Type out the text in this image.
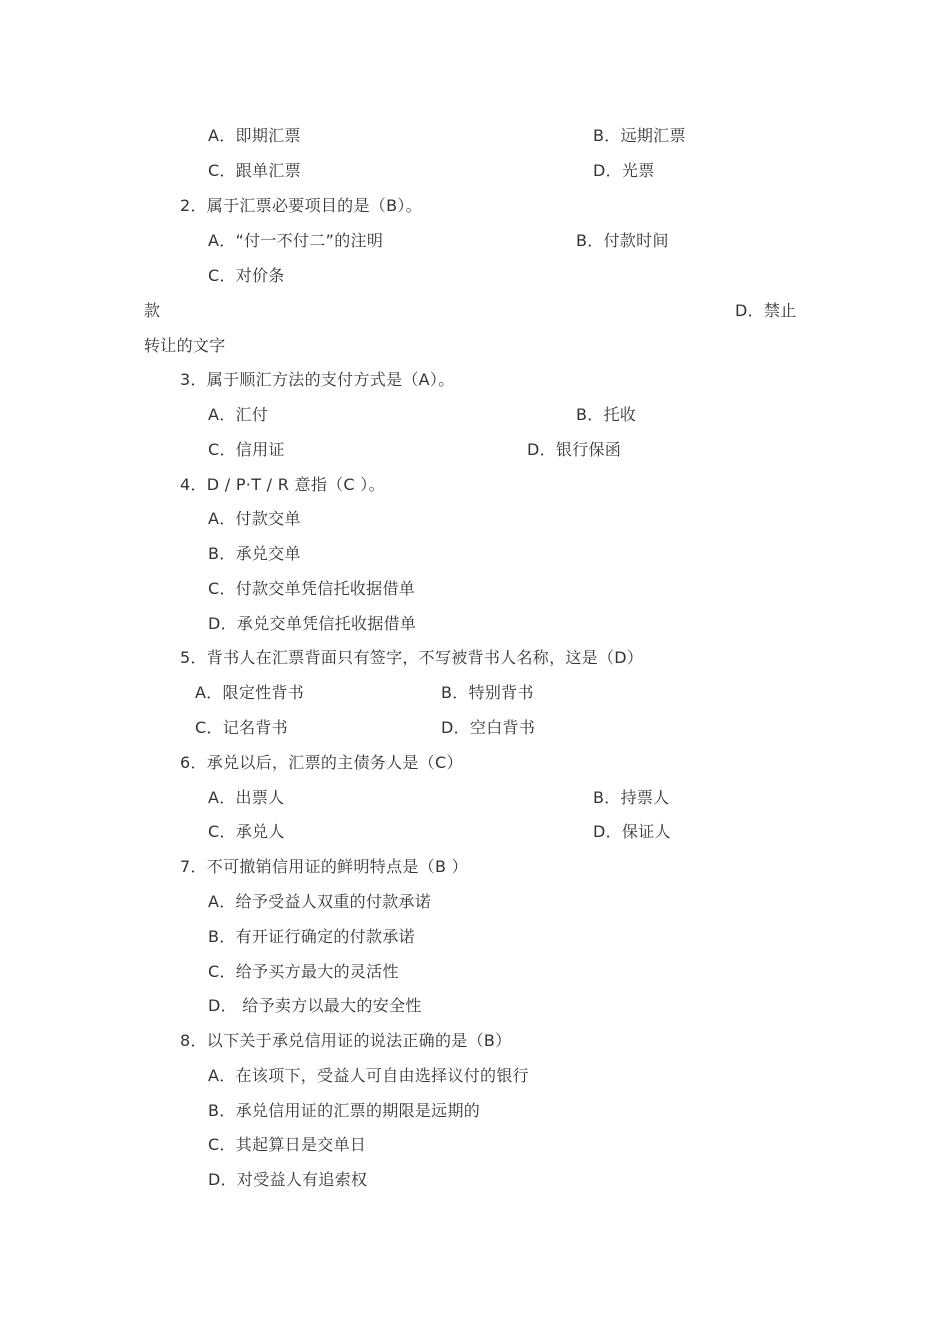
A．即期汇票	B．远期汇票
C．跟单汇票	D．光票
2．属于汇票必要项目的是（B）。
A．“付一不付二”的注明	B．付款时间
C．对价条
款	D．禁止
转让的文字
3．属于顺汇方法的支付方式是（A）。
A．汇付	B．托收
C．信用证	D．银行保函
4．D / P·T / R 意指（C ）。
A．付款交单
B．承兑交单
C．付款交单凭信托收据借单
D．承兑交单凭信托收据借单
5．背书人在汇票背面只有签字，不写被背书人名称，这是（D）
A．限定性背书	B．特别背书
C．记名背书	D．空白背书
6．承兑以后，汇票的主债务人是（C）
A．出票人	B．持票人
C．承兑人	D．保证人
7．不可撤销信用证的鲜明特点是（B ）
A．给予受益人双重的付款承诺
B．有开证行确定的付款承诺
C．给予买方最大的灵活性
D． 给予卖方以最大的安全性
8．以下关于承兑信用证的说法正确的是（B）
A．在该项下，受益人可自由选择议付的银行
B．承兑信用证的汇票的期限是远期的
C．其起算日是交单日
D．对受益人有追索权
